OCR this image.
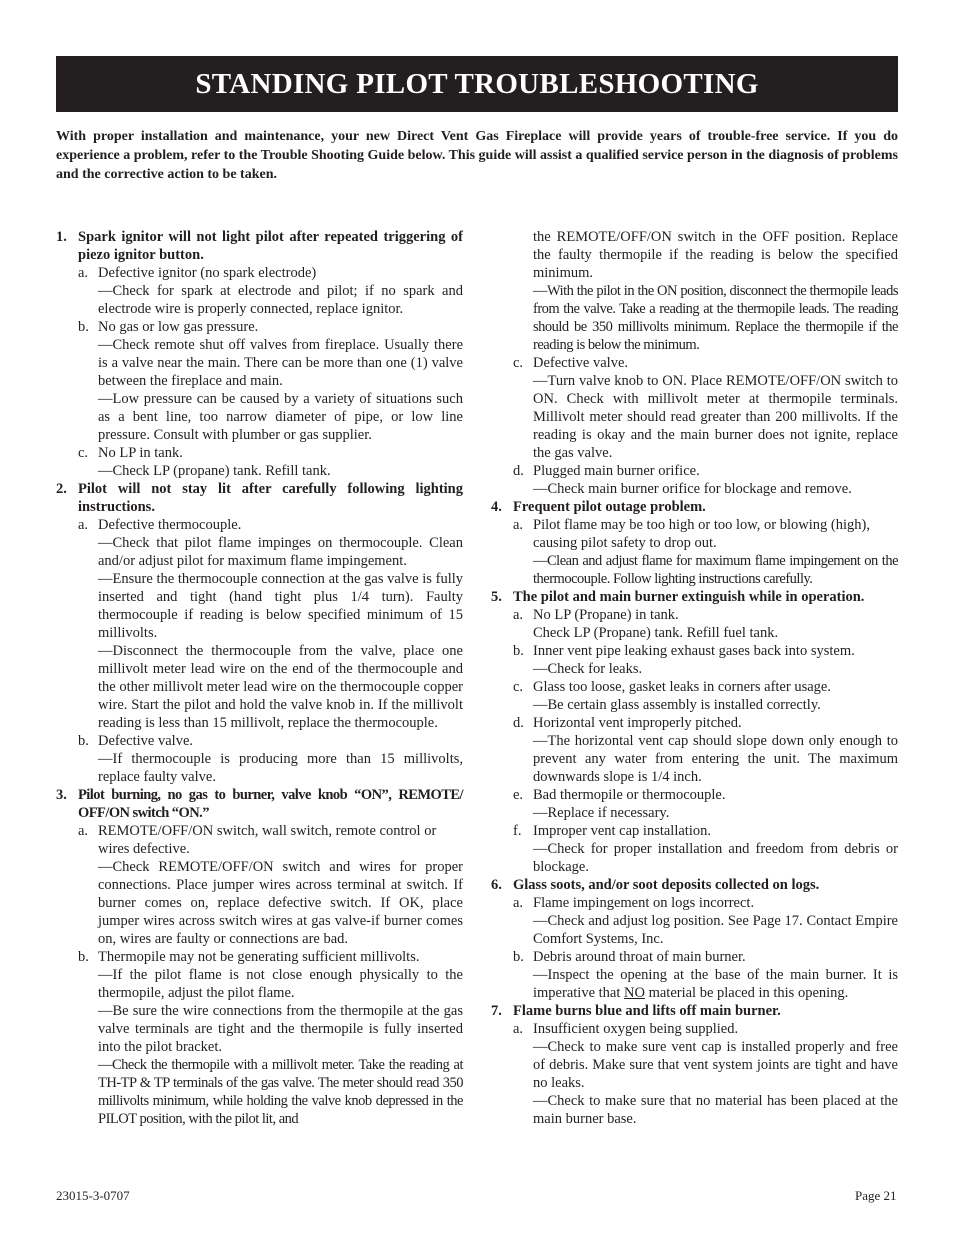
STANDING PILOT TROUBLESHOOTING
With proper installation and maintenance, your new Direct Vent Gas Fireplace will provide years of trouble-free service. If you do experience a problem, refer to the Trouble Shooting Guide below. This guide will assist a qualified service person in the diagnosis of problems and the corrective action to be taken.
1. Spark ignitor will not light pilot after repeated triggering of piezo ignitor button.
a. Defective ignitor (no spark electrode)
—Check for spark at electrode and pilot; if no spark and electrode wire is properly connected, replace ignitor.
b. No gas or low gas pressure.
—Check remote shut off valves from fireplace. Usually there is a valve near the main. There can be more than one (1) valve between the fireplace and main.
—Low pressure can be caused by a variety of situations such as a bent line, too narrow diameter of pipe, or low line pressure. Consult with plumber or gas supplier.
c. No LP in tank.
—Check LP (propane) tank. Refill tank.
2. Pilot will not stay lit after carefully following lighting instructions.
a. Defective thermocouple.
—Check that pilot flame impinges on thermocouple. Clean and/or adjust pilot for maximum flame impingement.
—Ensure the thermocouple connection at the gas valve is fully inserted and tight (hand tight plus 1/4 turn). Faulty thermocouple if reading is below specified minimum of 15 millivolts.
—Disconnect the thermocouple from the valve, place one millivolt meter lead wire on the end of the thermocouple and the other millivolt meter lead wire on the thermocouple copper wire. Start the pilot and hold the valve knob in. If the millivolt reading is less than 15 millivolt, replace the thermocouple.
b. Defective valve.
—If thermocouple is producing more than 15 millivolts, replace faulty valve.
3. Pilot burning, no gas to burner, valve knob “ON”, REMOTE/ OFF/ON switch “ON.”
a. REMOTE/OFF/ON switch, wall switch, remote control or wires defective.
—Check REMOTE/OFF/ON switch and wires for proper connections. Place jumper wires across terminal at switch. If burner comes on, replace defective switch. If OK, place jumper wires across switch wires at gas valve-if burner comes on, wires are faulty or connections are bad.
b. Thermopile may not be generating sufficient millivolts.
—If the pilot flame is not close enough physically to the thermopile, adjust the pilot flame.
—Be sure the wire connections from the thermopile at the gas valve terminals are tight and the thermopile is fully inserted into the pilot bracket.
—Check the thermopile with a millivolt meter. Take the reading at TH-TP & TP terminals of the gas valve. The meter should read 350 millivolts minimum, while holding the valve knob depressed in the PILOT position, with the pilot lit, and
the REMOTE/OFF/ON switch in the OFF position. Replace the faulty thermopile if the reading is below the specified minimum.
—With the pilot in the ON position, disconnect the thermopile leads from the valve. Take a reading at the thermopile leads. The reading should be 350 millivolts minimum. Replace the thermopile if the reading is below the minimum.
c. Defective valve.
—Turn valve knob to ON. Place REMOTE/OFF/ON switch to ON. Check with millivolt meter at thermopile terminals. Millivolt meter should read greater than 200 millivolts. If the reading is okay and the main burner does not ignite, replace the gas valve.
d. Plugged main burner orifice.
—Check main burner orifice for blockage and remove.
4. Frequent pilot outage problem.
a. Pilot flame may be too high or too low, or blowing (high), causing pilot safety to drop out.
—Clean and adjust flame for maximum flame impingement on the thermocouple. Follow lighting instructions carefully.
5. The pilot and main burner extinguish while in operation.
a. No LP (Propane) in tank.
Check LP (Propane) tank. Refill fuel tank.
b. Inner vent pipe leaking exhaust gases back into system.
—Check for leaks.
c. Glass too loose, gasket leaks in corners after usage.
—Be certain glass assembly is installed correctly.
d. Horizontal vent improperly pitched.
—The horizontal vent cap should slope down only enough to prevent any water from entering the unit. The maximum downwards slope is 1/4 inch.
e. Bad thermopile or thermocouple.
—Replace if necessary.
f. Improper vent cap installation.
—Check for proper installation and freedom from debris or blockage.
6. Glass soots, and/or soot deposits collected on logs.
a. Flame impingement on logs incorrect.
—Check and adjust log position. See Page 17. Contact Empire Comfort Systems, Inc.
b. Debris around throat of main burner.
—Inspect the opening at the base of the main burner. It is imperative that NO material be placed in this opening.
7. Flame burns blue and lifts off main burner.
a. Insufficient oxygen being supplied.
—Check to make sure vent cap is installed properly and free of debris. Make sure that vent system joints are tight and have no leaks.
—Check to make sure that no material has been placed at the main burner base.
23015-3-0707	Page 21
